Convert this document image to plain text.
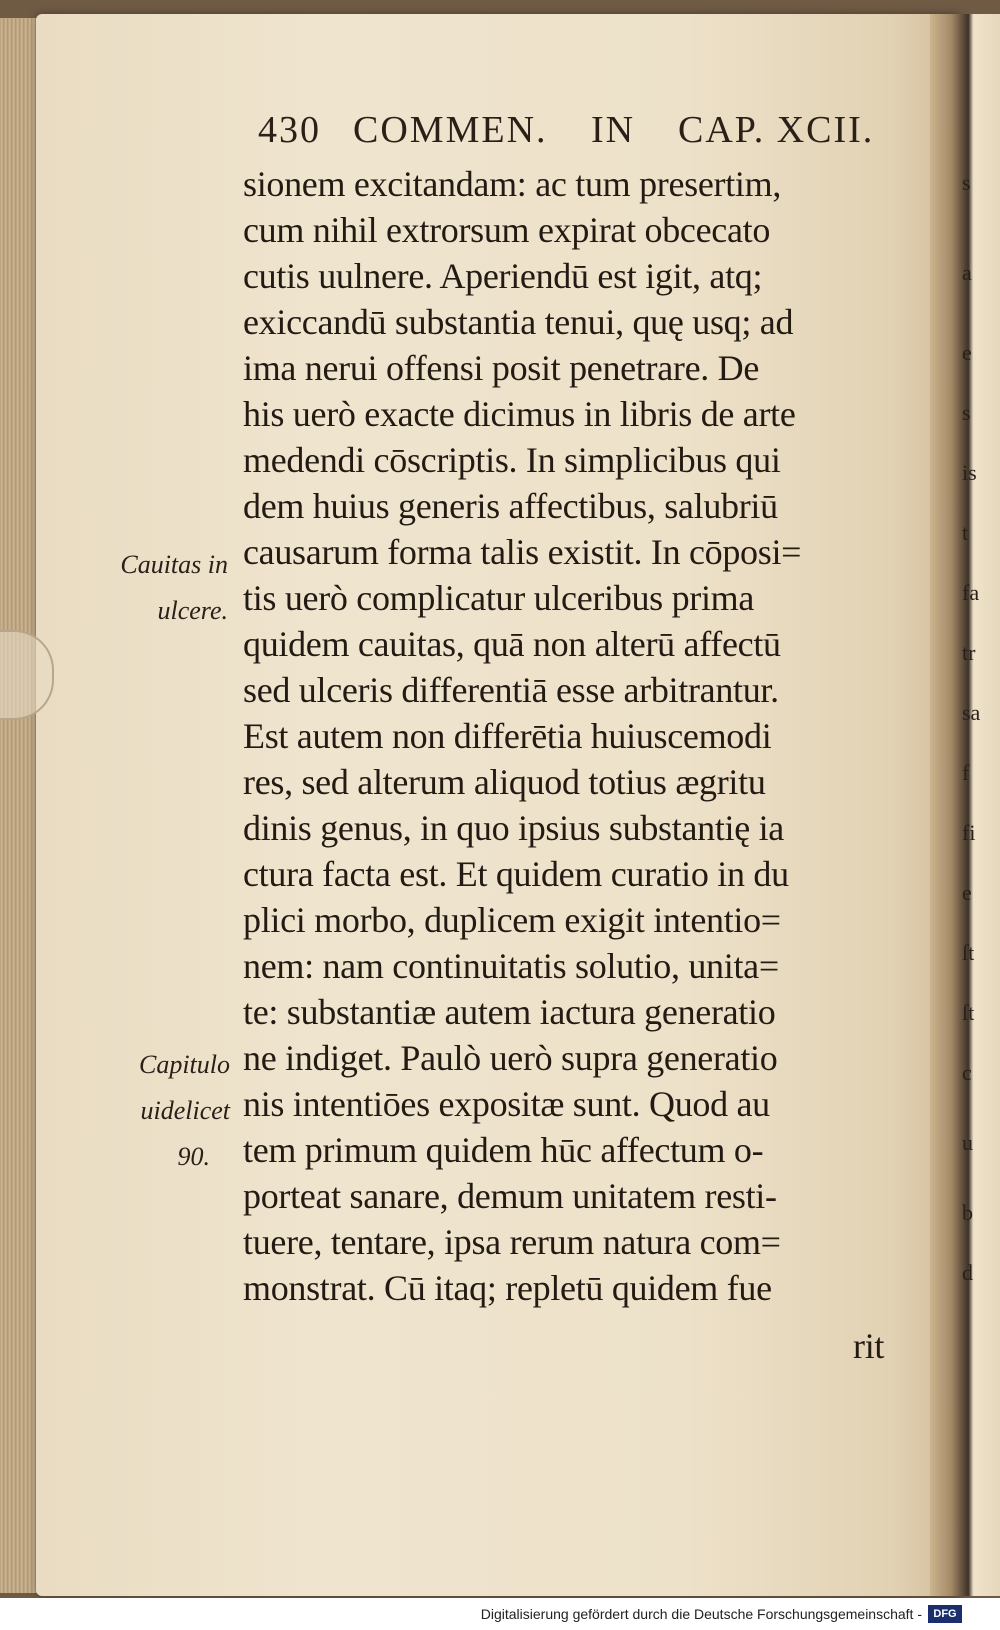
430 COMMEN. IN CAP. XCII.
sionem excitandam: ac tum presertim,
cum nihil extrorsum expirat obcecato
cutis uulnere. Aperiendū est igit, atq;
exiccandū substantia tenui, quę usq; ad
ima nerui offensi posit penetrare. De
his uerò exacte dicimus in libris de arte
medendi cōscriptis. In simplicibus qui
dem huius generis affectibus, salubriū
causarum forma talis existit. In cōposi=
tis uerò complicatur ulceribus prima
quidem cauitas, quā non alterū affectū
sed ulceris differentiā esse arbitrantur.
Est autem non differētia huiuscemodi
res, sed alterum aliquod totius ægritu
dinis genus, in quo ipsius substantię ia
ctura facta est. Et quidem curatio in du
plici morbo, duplicem exigit intentio=
nem: nam continuitatis solutio, unita=
te: substantiæ autem iactura generatio
ne indiget. Paulò uerò supra generatio
nis intentiōes expositæ sunt. Quod au
tem primum quidem hūc affectum o-
porteat sanare, demum unitatem resti-
tuere, tentare, ipsa rerum natura com=
monstrat. Cū itaq; repletū quidem fue
rit
Cauitas in
ulcere.
Capitulo
uidelicet
90.
s
a
e
s
is
t
fa
tr
sa
f
fi
e
ſt
ſt
c
u
b
d
Digitalisierung gefördert durch die Deutsche Forschungsgemeinschaft -	DFG
